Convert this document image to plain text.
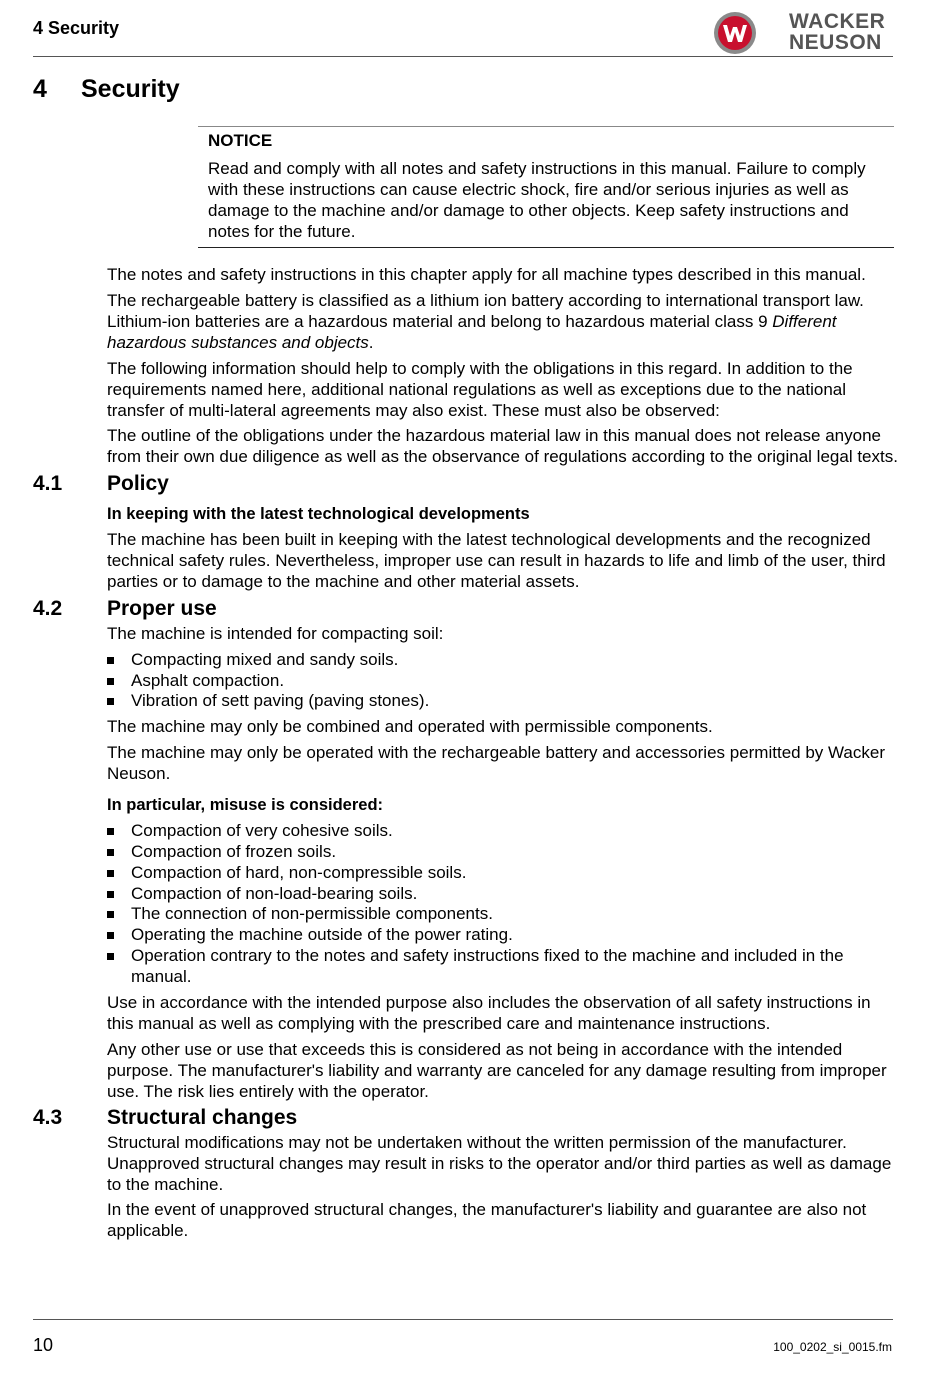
4 Security	WACKER
NEUSON
4 Security
NOTICE
Read and comply with all notes and safety instructions in this manual. Failure to comply with these instructions can cause electric shock, fire and/or serious injuries as well as damage to the machine and/or damage to other objects. Keep safety instructions and notes for the future.

The notes and safety instructions in this chapter apply for all machine types described in this manual.

The rechargeable battery is classified as a lithium ion battery according to international transport law. Lithium-ion batteries are a hazardous material and belong to hazardous material class 9 Different hazardous substances and objects.

The following information should help to comply with the obligations in this regard. In addition to the requirements named here, additional national regulations as well as exceptions due to the national transfer of multi-lateral agreements may also exist. These must also be observed:

The outline of the obligations under the hazardous material law in this manual does not release anyone from their own due diligence as well as the observance of regulations according to the original legal texts.

4.1 Policy

In keeping with the latest technological developments

The machine has been built in keeping with the latest technological developments and the recognized technical safety rules. Nevertheless, improper use can result in hazards to life and limb of the user, third parties or to damage to the machine and other material assets.

4.2 Proper use

The machine is intended for compacting soil:

Compacting mixed and sandy soils.
Asphalt compaction.
Vibration of sett paving (paving stones).

The machine may only be combined and operated with permissible components.

The machine may only be operated with the rechargeable battery and accessories permitted by Wacker Neuson.

In particular, misuse is considered:

Compaction of very cohesive soils.
Compaction of frozen soils.
Compaction of hard, non-compressible soils.
Compaction of non-load-bearing soils.
The connection of non-permissible components.
Operating the machine outside of the power rating.
Operation contrary to the notes and safety instructions fixed to the machine and included in the manual.

Use in accordance with the intended purpose also includes the observation of all safety instructions in this manual as well as complying with the prescribed care and maintenance instructions.

Any other use or use that exceeds this is considered as not being in accordance with the intended purpose. The manufacturer's liability and warranty are canceled for any damage resulting from improper use. The risk lies entirely with the operator.

4.3 Structural changes

Structural modifications may not be undertaken without the written permission of the manufacturer. Unapproved structural changes may result in risks to the operator and/or third parties as well as damage to the machine.

In the event of unapproved structural changes, the manufacturer's liability and guarantee are also not applicable.

10	100_0202_si_0015.fm
